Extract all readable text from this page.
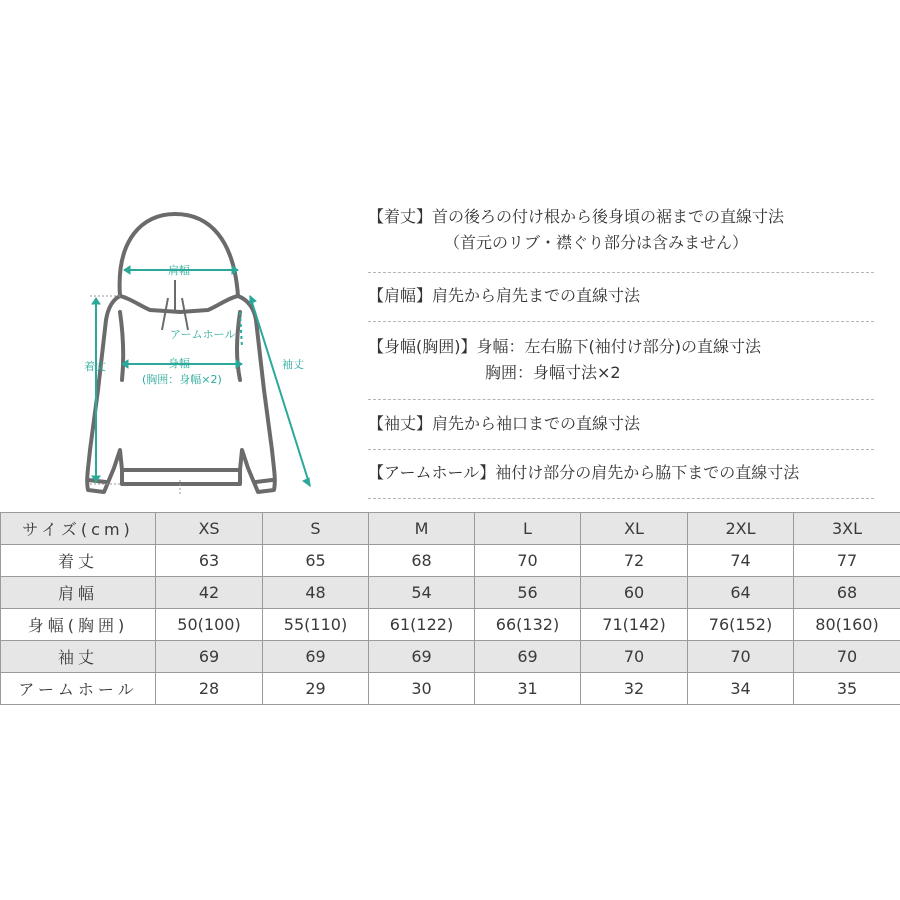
肩幅
アームホール
着丈	袖丈
身幅
(胸囲：身幅×2)
【着丈】首の後ろの付け根から後身頃の裾までの直線寸法
（首元のリブ・襟ぐり部分は含みません）
【肩幅】肩先から肩先までの直線寸法
【身幅(胸囲)】身幅：左右脇下(袖付け部分)の直線寸法
胸囲：身幅寸法×2
【袖丈】肩先から袖口までの直線寸法
【アームホール】袖付け部分の肩先から脇下までの直線寸法
サイズ(cm)	XS	S	M	L	XL	2XL	3XL
着丈	63	65	68	70	72	74	77
肩幅	42	48	54	56	60	64	68
身幅(胸囲)	50(100)	55(110)	61(122)	66(132)	71(142)	76(152)	80(160)
袖丈	69	69	69	69	70	70	70
アームホール	28	29	30	31	32	34	35
